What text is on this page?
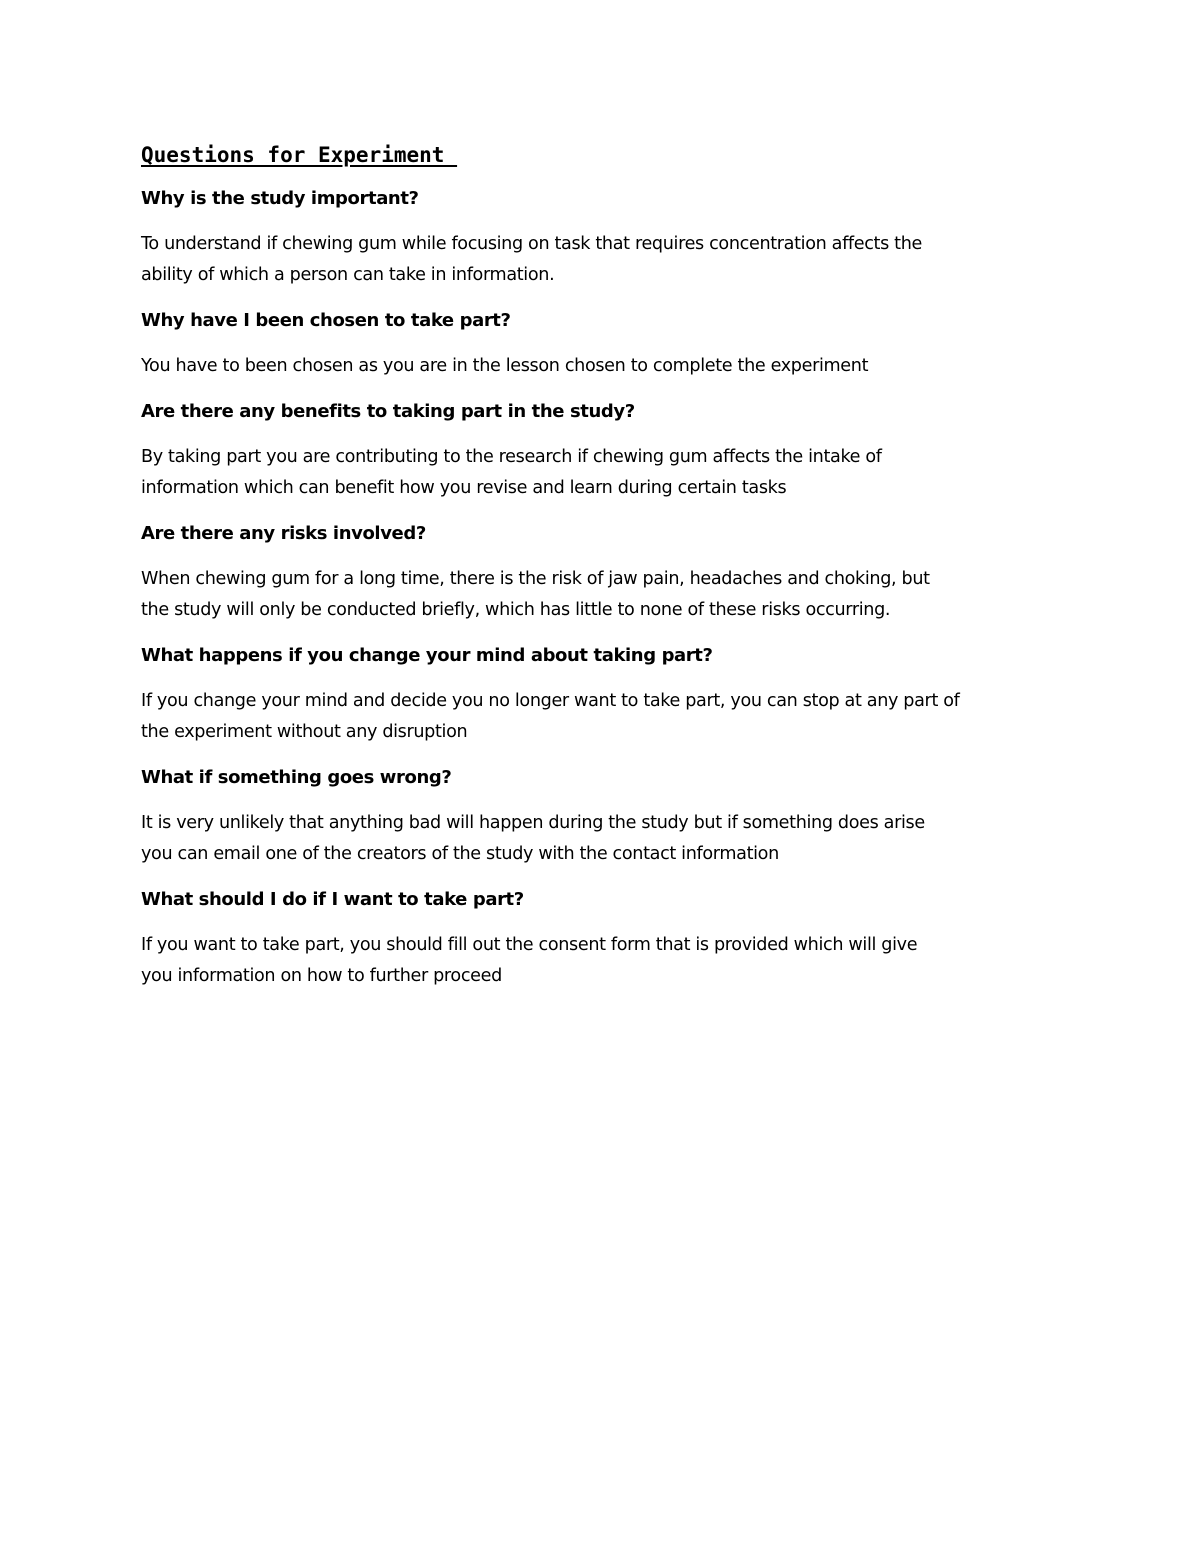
Questions for Experiment

Why is the study important?

To understand if chewing gum while focusing on task that requires concentration affects the
ability of which a person can take in information.

Why have I been chosen to take part?

You have to been chosen as you are in the lesson chosen to complete the experiment

Are there any benefits to taking part in the study?

By taking part you are contributing to the research if chewing gum affects the intake of
information which can benefit how you revise and learn during certain tasks

Are there any risks involved?

When chewing gum for a long time, there is the risk of jaw pain, headaches and choking, but
the study will only be conducted briefly, which has little to none of these risks occurring.

What happens if you change your mind about taking part?

If you change your mind and decide you no longer want to take part, you can stop at any part of
the experiment without any disruption

What if something goes wrong?

It is very unlikely that anything bad will happen during the study but if something does arise
you can email one of the creators of the study with the contact information

What should I do if I want to take part?

If you want to take part, you should fill out the consent form that is provided which will give
you information on how to further proceed
